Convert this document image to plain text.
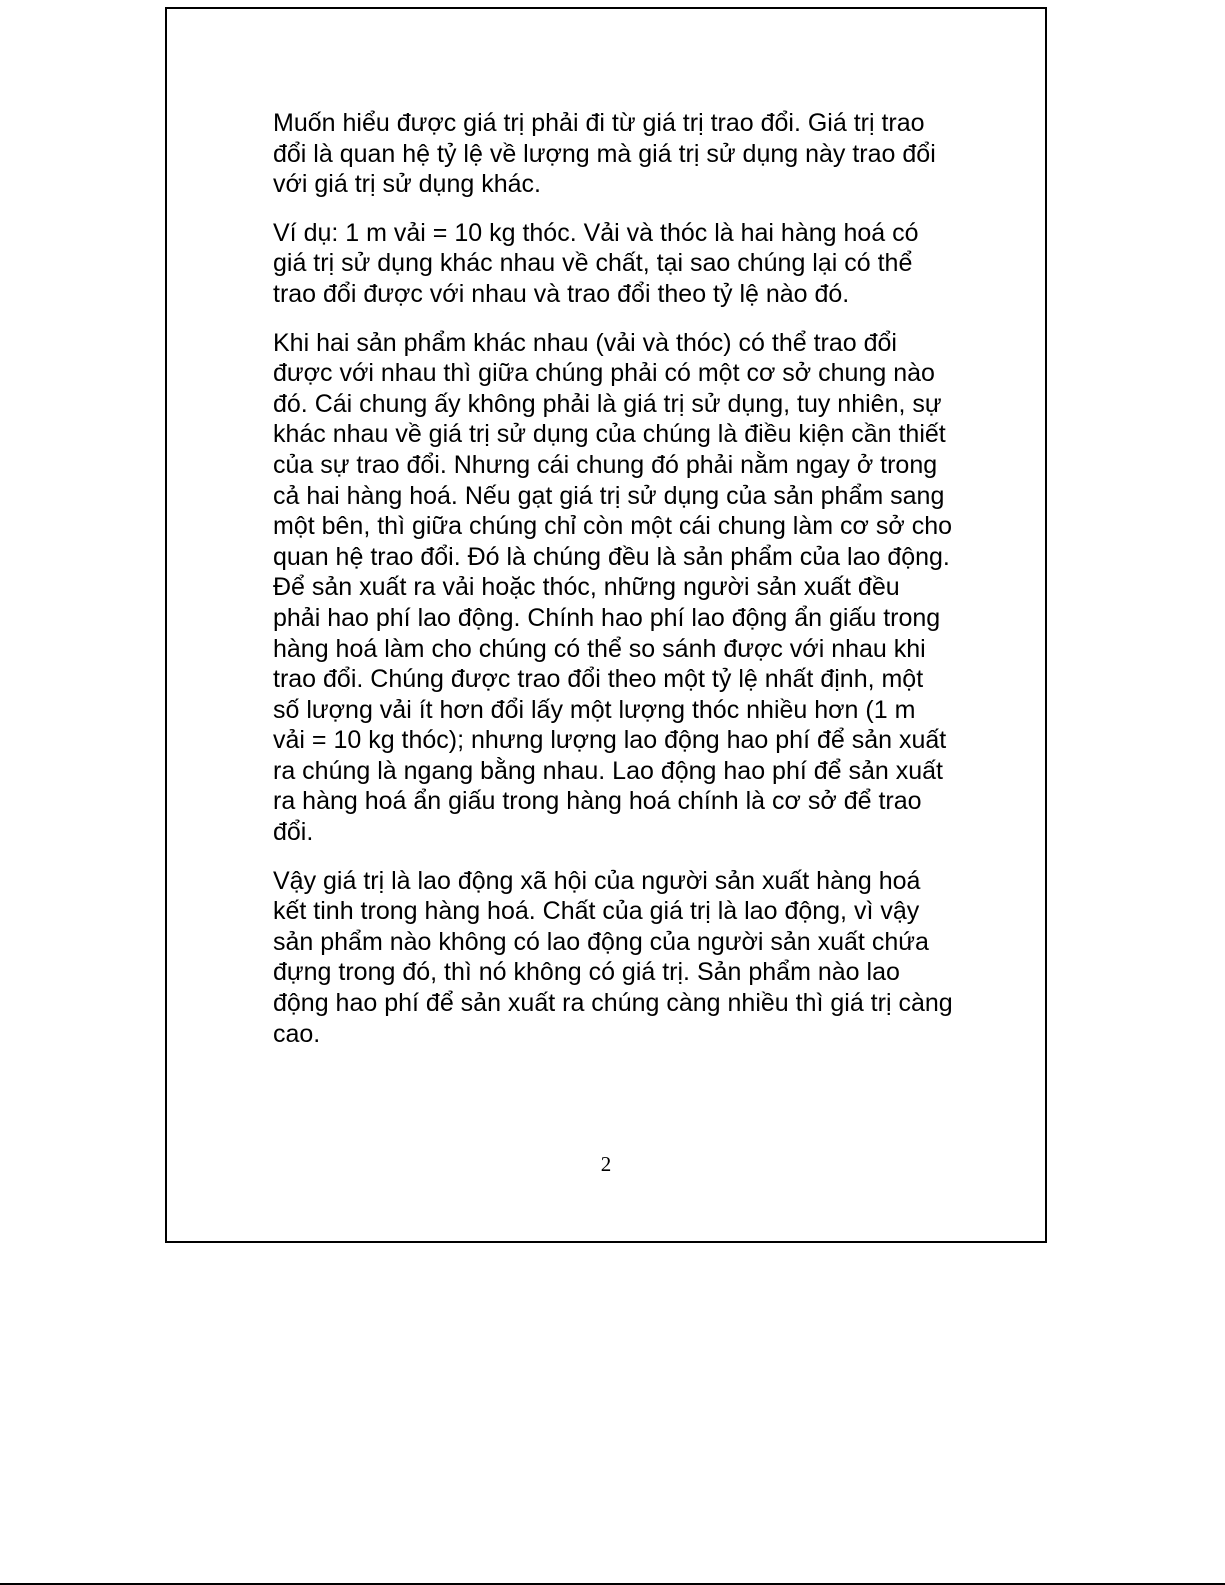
Muốn hiểu được giá trị phải đi từ giá trị trao đổi. Giá trị trao đổi là quan hệ tỷ lệ về lượng mà giá trị sử dụng này trao đổi với giá trị sử dụng khác.

Ví dụ: 1 m vải = 10 kg thóc. Vải và thóc là hai hàng hoá có giá trị sử dụng khác nhau về chất, tại sao chúng lại có thể trao đổi được với nhau và trao đổi theo tỷ lệ nào đó.

Khi hai sản phẩm khác nhau (vải và thóc) có thể trao đổi được với nhau thì giữa chúng phải có một cơ sở chung nào đó. Cái chung ấy không phải là giá trị sử dụng, tuy nhiên, sự khác nhau về giá trị sử dụng của chúng là điều kiện cần thiết của sự trao đổi. Nhưng cái chung đó phải nằm ngay ở trong cả hai hàng hoá. Nếu gạt giá trị sử dụng của sản phẩm sang một bên, thì giữa chúng chỉ còn một cái chung làm cơ sở cho quan hệ trao đổi. Đó là chúng đều là sản phẩm của lao động. Để sản xuất ra vải hoặc thóc, những người sản xuất đều phải hao phí lao động. Chính hao phí lao động ẩn giấu trong hàng hoá làm cho chúng có thể so sánh được với nhau khi trao đổi. Chúng được trao đổi theo một tỷ lệ nhất định, một số lượng vải ít hơn đổi lấy một lượng thóc nhiều hơn (1 m vải = 10 kg thóc); nhưng lượng lao động hao phí để sản xuất ra chúng là ngang bằng nhau. Lao động hao phí để sản xuất ra hàng hoá ẩn giấu trong hàng hoá chính là cơ sở để trao đổi.

Vậy giá trị là lao động xã hội của người sản xuất hàng hoá kết tinh trong hàng hoá. Chất của giá trị là lao động, vì vậy sản phẩm nào không có lao động của người sản xuất chứa đựng trong đó, thì nó không có giá trị. Sản phẩm nào lao động hao phí để sản xuất ra chúng càng nhiều thì giá trị càng cao.

2
